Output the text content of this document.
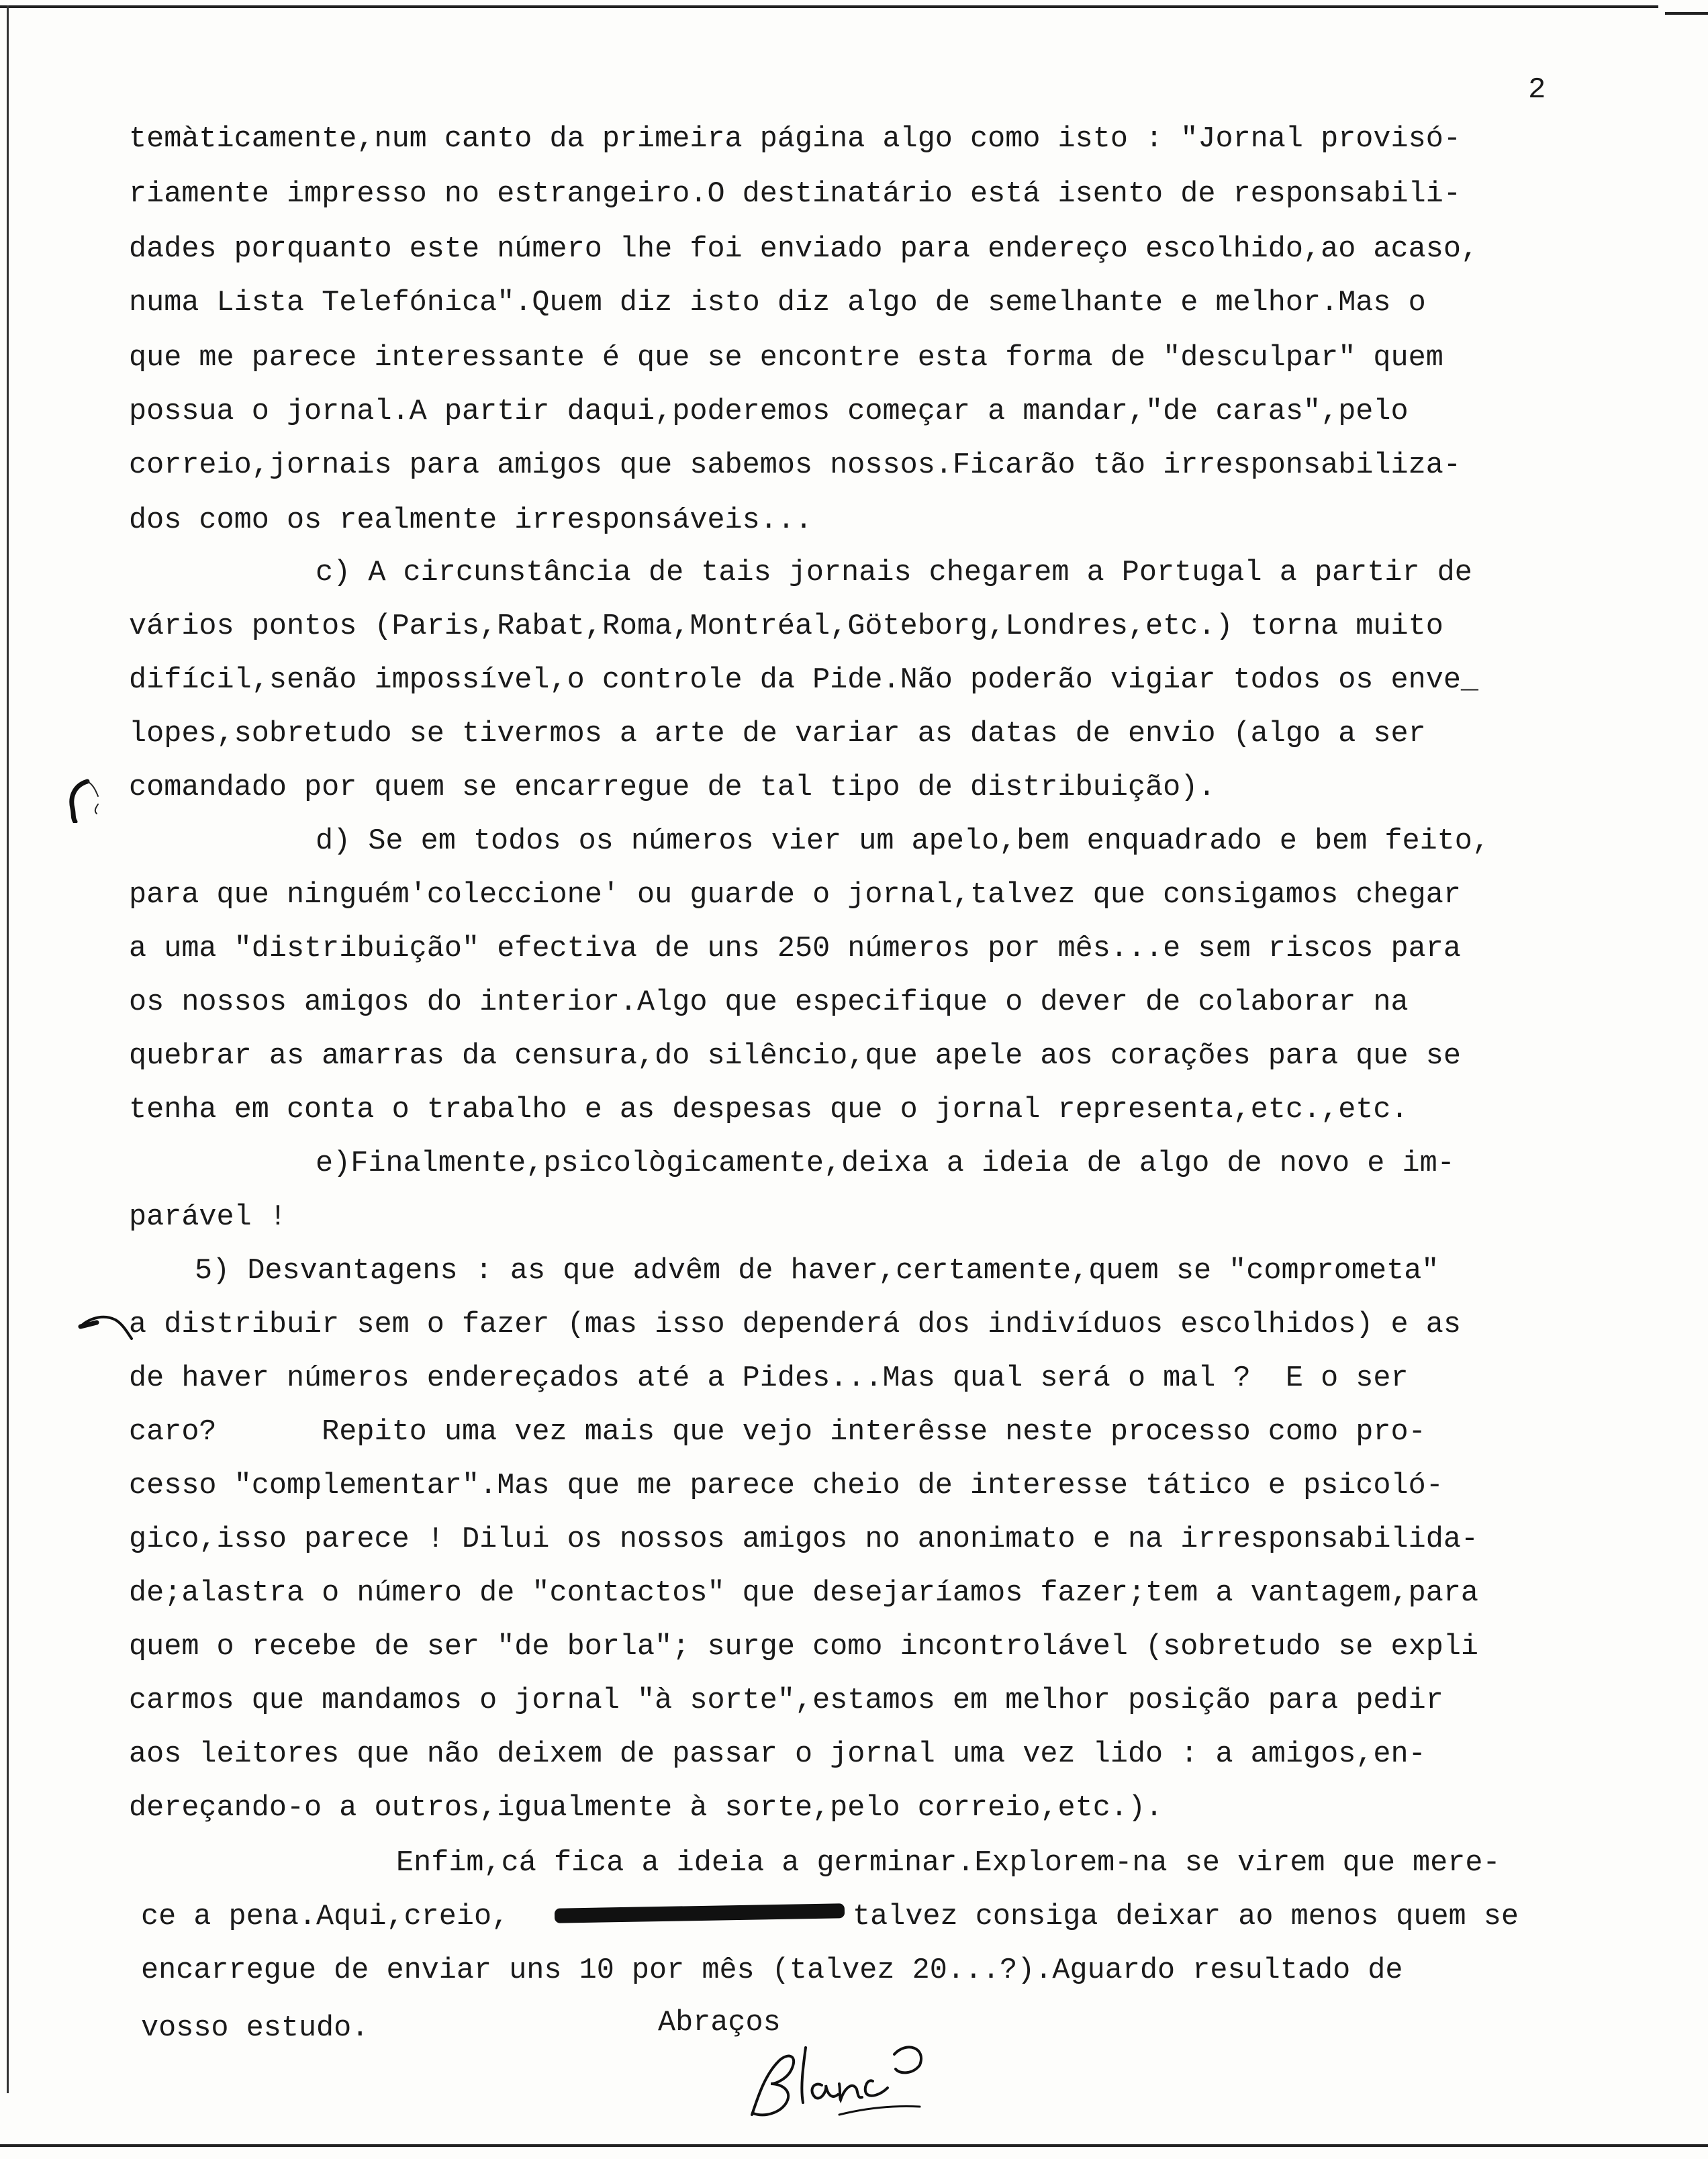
2
temàticamente,num canto da primeira página algo como isto : "Jornal provisó-
riamente impresso no estrangeiro.O destinatário está isento de responsabili-
dades porquanto este número lhe foi enviado para endereço escolhido,ao acaso,
numa Lista Telefónica".Quem diz isto diz algo de semelhante e melhor.Mas o
que me parece interessante é que se encontre esta forma de "desculpar" quem
possua o jornal.A partir daqui,poderemos começar a mandar,"de caras",pelo
correio,jornais para amigos que sabemos nossos.Ficarão tão irresponsabiliza-
dos como os realmente irresponsáveis...
c) A circunstância de tais jornais chegarem a Portugal a partir de
vários pontos (Paris,Rabat,Roma,Montréal,Göteborg,Londres,etc.) torna muito
difícil,senão impossível,o controle da Pide.Não poderão vigiar todos os enve_
lopes,sobretudo se tivermos a arte de variar as datas de envio (algo a ser
comandado por quem se encarregue de tal tipo de distribuição).
d) Se em todos os números vier um apelo,bem enquadrado e bem feito,
para que ninguém'coleccione' ou guarde o jornal,talvez que consigamos chegar
a uma "distribuição" efectiva de uns 250 números por mês...e sem riscos para
os nossos amigos do interior.Algo que especifique o dever de colaborar na
quebrar as amarras da censura,do silêncio,que apele aos corações para que se
tenha em conta o trabalho e as despesas que o jornal representa,etc.,etc.
e)Finalmente,psicològicamente,deixa a ideia de algo de novo e im-
parável !
5) Desvantagens : as que advêm de haver,certamente,quem se "comprometa"
a distribuir sem o fazer (mas isso dependerá dos indivíduos escolhidos) e as
de haver números endereçados até a Pides...Mas qual será o mal ?  E o ser
caro?      Repito uma vez mais que vejo interêsse neste processo como pro-
cesso "complementar".Mas que me parece cheio de interesse tático e psicoló-
gico,isso parece ! Dilui os nossos amigos no anonimato e na irresponsabilida-
de;alastra o número de "contactos" que desejaríamos fazer;tem a vantagem,para
quem o recebe de ser "de borla"; surge como incontrolável (sobretudo se expli
carmos que mandamos o jornal "à sorte",estamos em melhor posição para pedir
aos leitores que não deixem de passar o jornal uma vez lido : a amigos,en-
dereçando-o a outros,igualmente à sorte,pelo correio,etc.).
Enfim,cá fica a ideia a germinar.Explorem-na se virem que mere-
ce a pena.Aqui,creio,	talvez consiga deixar ao menos quem se
encarregue de enviar uns 10 por mês (talvez 20...?).Aguardo resultado de
vosso estudo.	Abraços
